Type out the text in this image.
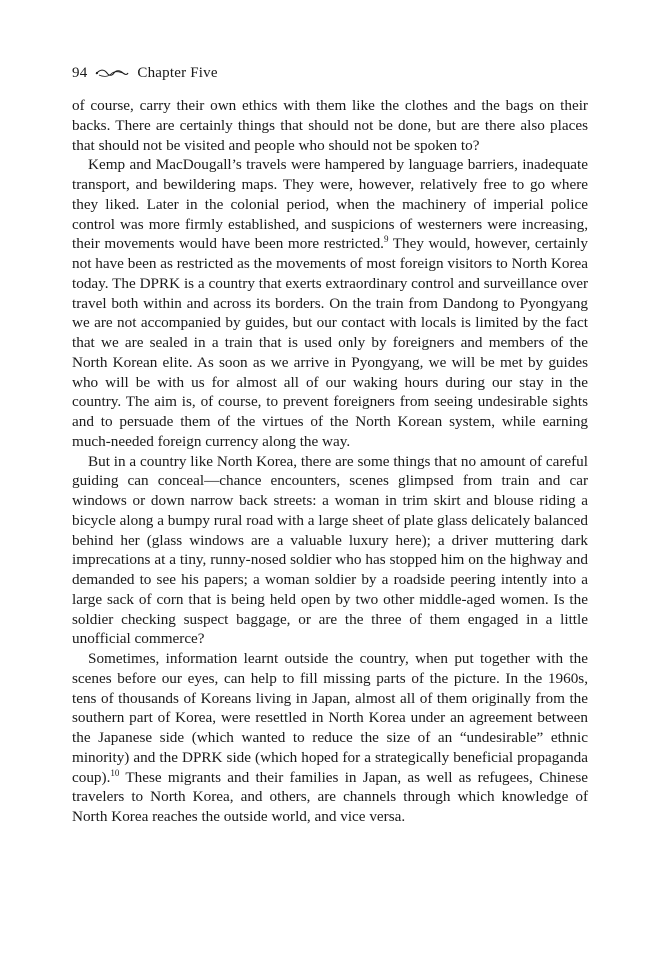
94	Chapter Five

of course, carry their own ethics with them like the clothes and the bags on their backs. There are certainly things that should not be done, but are there also places that should not be visited and people who should not be spoken to?

Kemp and MacDougall’s travels were hampered by language barriers, inadequate transport, and bewildering maps. They were, however, relatively free to go where they liked. Later in the colonial period, when the machinery of imperial police control was more firmly established, and suspicions of westerners were increasing, their movements would have been more restricted.$^9$ They would, however, certainly not have been as restricted as the movements of most foreign visitors to North Korea today. The DPRK is a country that exerts extraordinary control and surveillance over travel both within and across its borders. On the train from Dandong to Pyongyang we are not accompanied by guides, but our contact with locals is limited by the fact that we are sealed in a train that is used only by foreigners and members of the North Korean elite. As soon as we arrive in Pyongyang, we will be met by guides who will be with us for almost all of our waking hours during our stay in the country. The aim is, of course, to prevent foreigners from seeing undesirable sights and to persuade them of the virtues of the North Korean system, while earning much-needed foreign currency along the way.

But in a country like North Korea, there are some things that no amount of careful guiding can conceal—chance encounters, scenes glimpsed from train and car windows or down narrow back streets: a woman in trim skirt and blouse riding a bicycle along a bumpy rural road with a large sheet of plate glass delicately balanced behind her (glass windows are a valuable luxury here); a driver muttering dark imprecations at a tiny, runny-nosed soldier who has stopped him on the highway and demanded to see his papers; a woman soldier by a roadside peering intently into a large sack of corn that is being held open by two other middle-aged women. Is the soldier checking suspect baggage, or are the three of them engaged in a little unofficial commerce?

Sometimes, information learnt outside the country, when put together with the scenes before our eyes, can help to fill missing parts of the picture. In the 1960s, tens of thousands of Koreans living in Japan, almost all of them originally from the southern part of Korea, were resettled in North Korea under an agreement between the Japanese side (which wanted to reduce the size of an “undesirable” ethnic minority) and the DPRK side (which hoped for a strategically beneficial propaganda coup).$^{10}$ These migrants and their families in Japan, as well as refugees, Chinese travelers to North Korea, and others, are channels through which knowledge of North Korea reaches the outside world, and vice versa.
